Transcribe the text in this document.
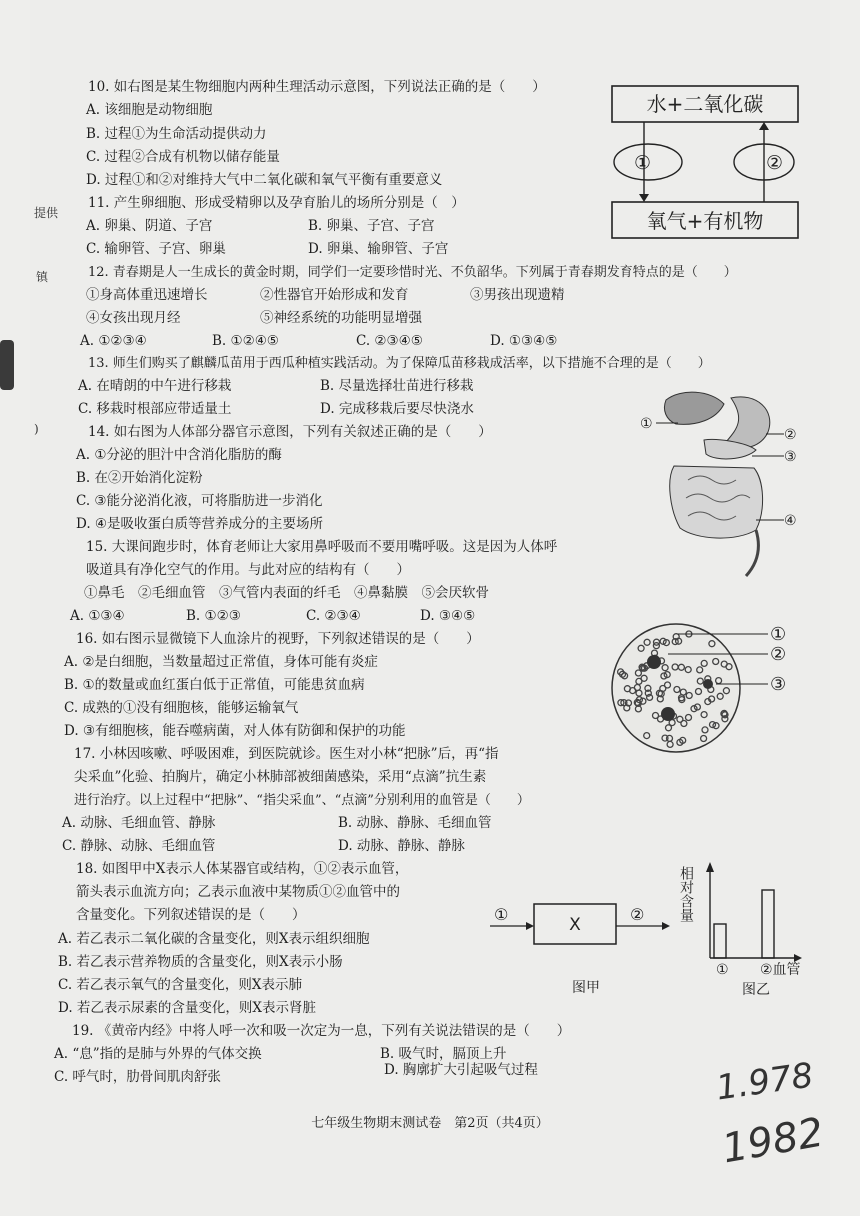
提供
镇
)
10. 如右图是某生物细胞内两种生理活动示意图，下列说法正确的是（　　）
A. 该细胞是动物细胞
B. 过程①为生命活动提供动力
C. 过程②合成有机物以储存能量
D. 过程①和②对维持大气中二氧化碳和氧气平衡有重要意义
11. 产生卵细胞、形成受精卵以及孕育胎儿的场所分别是（　）
A. 卵巢、阴道、子宫	B. 卵巢、子宫、子宫
C. 输卵管、子宫、卵巢	D. 卵巢、输卵管、子宫
12. 青春期是人一生成长的黄金时期，同学们一定要珍惜时光、不负韶华。下列属于青春期发育特点的是（　　）
①身高体重迅速增长	②性器官开始形成和发育	③男孩出现遗精
④女孩出现月经	⑤神经系统的功能明显增强
A. ①②③④	B. ①②④⑤	C. ②③④⑤	D. ①③④⑤
13. 师生们购买了麒麟瓜苗用于西瓜种植实践活动。为了保障瓜苗移栽成活率，以下措施不合理的是（　　）
A. 在晴朗的中午进行移栽	B. 尽量选择壮苗进行移栽
C. 移栽时根部应带适量土	D. 完成移栽后要尽快浇水
14. 如右图为人体部分器官示意图，下列有关叙述正确的是（　　）
A. ①分泌的胆汁中含消化脂肪的酶
B. 在②开始消化淀粉
C. ③能分泌消化液，可将脂肪进一步消化
D. ④是吸收蛋白质等营养成分的主要场所
15. 大课间跑步时，体育老师让大家用鼻呼吸而不要用嘴呼吸。这是因为人体呼
吸道具有净化空气的作用。与此对应的结构有（　　）
①鼻毛　②毛细血管　③气管内表面的纤毛　④鼻黏膜　⑤会厌软骨
A. ①③④	B. ①②③	C. ②③④	D. ③④⑤
16. 如右图示显微镜下人血涂片的视野，下列叙述错误的是（　　）
A. ②是白细胞，当数量超过正常值，身体可能有炎症
B. ①的数量或血红蛋白低于正常值，可能患贫血病
C. 成熟的①没有细胞核，能够运输氧气
D. ③有细胞核，能吞噬病菌，对人体有防御和保护的功能
17. 小林因咳嗽、呼吸困难，到医院就诊。医生对小林“把脉”后，再“指
尖采血”化验、拍胸片，确定小林肺部被细菌感染，采用“点滴”抗生素
进行治疗。以上过程中“把脉”、“指尖采血”、“点滴”分别利用的血管是（　　）
A. 动脉、毛细血管、静脉	B. 动脉、静脉、毛细血管
C. 静脉、动脉、毛细血管	D. 动脉、静脉、静脉
18. 如图甲中X表示人体某器官或结构，①②表示血管，
箭头表示血流方向；乙表示血液中某物质①②血管中的
含量变化。下列叙述错误的是（　　）
A. 若乙表示二氧化碳的含量变化，则X表示组织细胞
B. 若乙表示营养物质的含量变化，则X表示小肠
C. 若乙表示氧气的含量变化，则X表示肺
D. 若乙表示尿素的含量变化，则X表示肾脏
19. 《黄帝内经》中将人呼一次和吸一次定为一息，下列有关说法错误的是（　　）
A. “息”指的是肺与外界的气体交换	B. 吸气时，膈顶上升
C. 呼气时，肋骨间肌肉舒张	D. 胸廓扩大引起吸气过程
水+二氧化碳
氧气+有机物
①	②
①
②
③
④
①
②
③
①
X
②
图甲
相对含量
① ②血管
图乙
七年级生物期末测试卷　第2页（共4页）
1.978
1982
